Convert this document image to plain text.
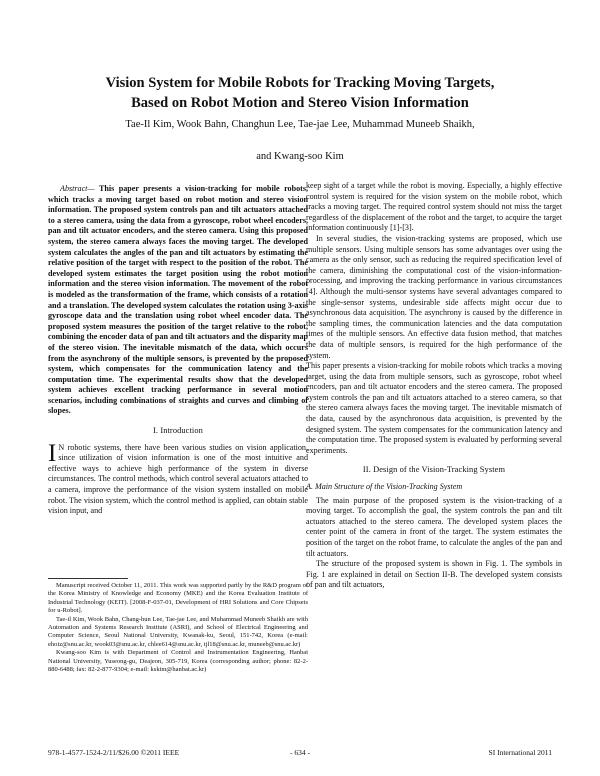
Vision System for Mobile Robots for Tracking Moving Targets,
Based on Robot Motion and Stereo Vision Information
Tae-Il Kim, Wook Bahn, Changhun Lee, Tae-jae Lee, Muhammad Muneeb Shaikh,
and Kwang-soo Kim

Abstract— This paper presents a vision-tracking for mobile robots, which tracks a moving target based on robot motion and stereo vision information. The proposed system controls pan and tilt actuators attached to a stereo camera, using the data from a gyroscope, robot wheel encoders, pan and tilt actuator encoders, and the stereo camera. Using this proposed system, the stereo camera always faces the moving target. The developed system calculates the angles of the pan and tilt actuators by estimating the relative position of the target with respect to the position of the robot. The developed system estimates the target position using the robot motion information and the stereo vision information. The movement of the robot is modeled as the transformation of the frame, which consists of a rotation and a translation. The developed system calculates the rotation using 3-axis gyroscope data and the translation using robot wheel encoder data. The proposed system measures the position of the target relative to the robot, combining the encoder data of pan and tilt actuators and the disparity map of the stereo vision. The inevitable mismatch of the data, which occurs from the asynchrony of the multiple sensors, is prevented by the proposed system, which compensates for the communication latency and the computation time. The experimental results show that the developed system achieves excellent tracking performance in several motion scenarios, including combinations of straights and curves and climbing of slopes.

I. Introduction

I N robotic systems, there have been various studies on vision application, since utilization of vision information is one of the most intuitive and effective ways to achieve high performance of the system in diverse circumstances. The control methods, which control several actuators attached to a camera, improve the performance of the vision system installed on mobile robot. The vision system, which the control method is applied, can obtain stable vision input, and

Manuscript received October 11, 2011. This work was supported partly by the R&D program of the Korea Ministry of Knowledge and Economy (MKE) and the Korea Evaluation Institute of Industrial Technology (KEIT). [2008-F-037-01, Development of HRI Solutions and Core Chipsets for u-Robot].

Tae-il Kim, Wook Bahn, Chang-hun Lee, Tae-jae Lee, and Muhammad Muneeb Shaikh are with Automation and Systems Research Institute (ASRI), and School of Electrical Engineering and Computer Science, Seoul National University, Kwanak-ku, Seoul, 151-742, Korea (e-mail: ehoiz@snu.ac.kr, wook03@snu.ac.kr, chlee614@snu.ac.kr, tjl18@snu.ac.kr, muneeb@snu.ac.kr)

Kwang-soo Kim is with Department of Control and Instrumentation Engineering, Hanbat National University, Yuseong-gu, Deajeon, 305-719, Korea (corresponding author; phone: 82-2-880-6488; fax: 82-2-877-9304; e-mail: kskim@hanbat.ac.kr)

keep sight of a target while the robot is moving. Especially, a highly effective control system is required for the vision system on the mobile robot, which tracks a moving target. The required control system should not miss the target regardless of the displacement of the robot and the target, to acquire the target information continuously [1]-[3].

In several studies, the vision-tracking systems are proposed, which use multiple sensors. Using multiple sensors has some advantages over using the camera as the only sensor, such as reducing the required specification level of the camera, diminishing the computational cost of the vision-information-processing, and improving the tracking performance in various circumstances [4]. Although the multi-sensor systems have several advantages compared to the single-sensor systems, undesirable side affects might occur due to asynchronous data acquisition. The asynchrony is caused by the difference in the sampling times, the communication latencies and the data computation times of the multiple sensors. An effective data fusion method, that matches the data of multiple sensors, is required for the high performance of the system.

This paper presents a vision-tracking for mobile robots which tracks a moving target, using the data from multiple sensors, such as gyroscope, robot wheel encoders, pan and tilt actuator encoders and the stereo camera. The proposed system controls the pan and tilt actuators attached to a stereo camera, so that the stereo camera always faces the moving target. The inevitable mismatch of the data, caused by the asynchronous data acquisition, is prevented by the designed system. The system compensates for the communication latency and the computation time. The proposed system is evaluated by performing several experiments.

II. Design of the Vision-Tracking System
A. Main Structure of the Vision-Tracking System

The main purpose of the proposed system is the vision-tracking of a moving target. To accomplish the goal, the system controls the pan and tilt actuators attached to the stereo camera. The developed system places the center point of the camera in front of the target. The system estimates the position of the target on the robot frame, to calculate the angles of the pan and tilt actuators.

The structure of the proposed system is shown in Fig. 1. The symbols in Fig. 1 are explained in detail on Section II-B. The developed system consists of pan and tilt actuators,

978-1-4577-1524-2/11/$26.00 ©2011 IEEE	- 634 -	SI International 2011
